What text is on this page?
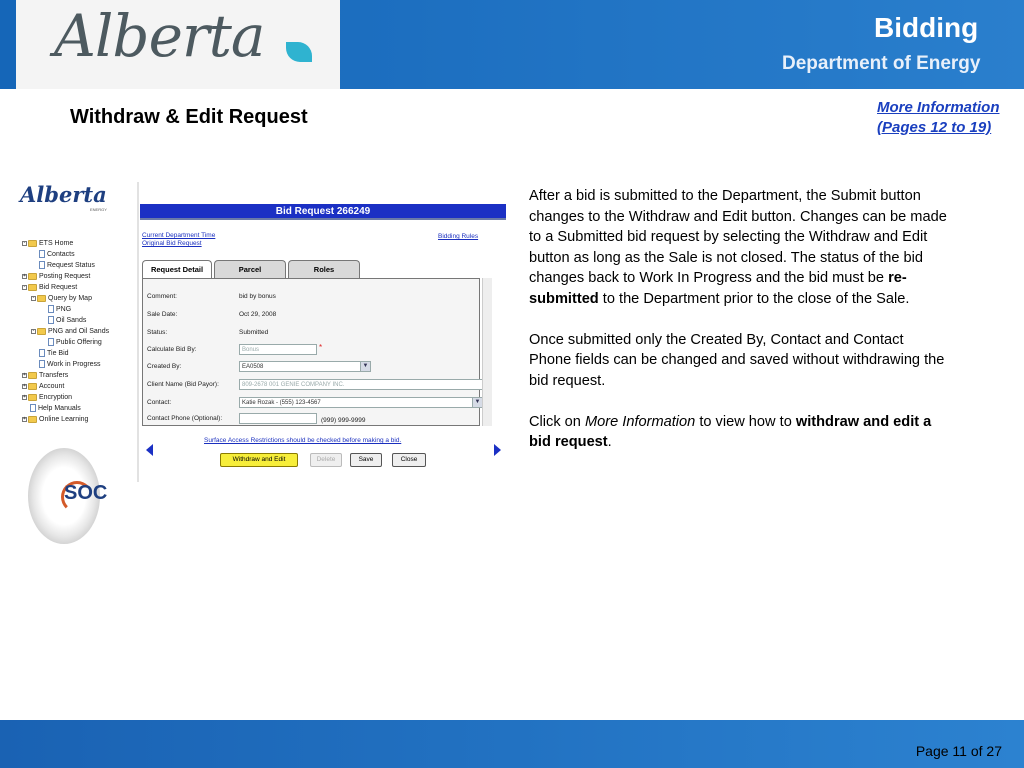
Alberta	Bidding
Department of Energy
Withdraw & Edit Request	More Information
(Pages 12 to 19)
Alberta
ENERGY
- ETS Home
Contacts
Request Status
+ Posting Request
- Bid Request
- Query by Map
PNG
Oil Sands
- PNG and Oil Sands
Public Offering
Tie Bid
Work in Progress
+ Transfers
+ Account
+ Encryption
Help Manuals
+ Online Learning
SOC
Bid Request 266249
Current Department Time
Original Bid Request
Bidding Rules
Request Detail	Parcel	Roles
Comment:	bid by bonus
Sale Date:	Oct 29, 2008
Status:	Submitted
Calculate Bid By:	Bonus	*
Created By:	EA0508	▼
Client Name (Bid Payor):	809-2678 001 GENIE COMPANY INC.
Contact:	Katie Rozak - (555) 123-4567	▼
Contact Phone (Optional):	(999) 999-9999
Surface Access Restrictions should be checked before making a bid.
Withdraw and Edit	Delete	Save	Close

After a bid is submitted to the Department, the Submit button changes to the Withdraw and Edit button. Changes can be made to a Submitted bid request by selecting the Withdraw and Edit button as long as the Sale is not closed. The status of the bid changes back to Work In Progress and the bid must be re-submitted to the Department prior to the close of the Sale.

Once submitted only the Created By, Contact and Contact Phone fields can be changed and saved without withdrawing the bid request.

Click on More Information to view how to withdraw and edit a bid request.

Page 11 of 27
